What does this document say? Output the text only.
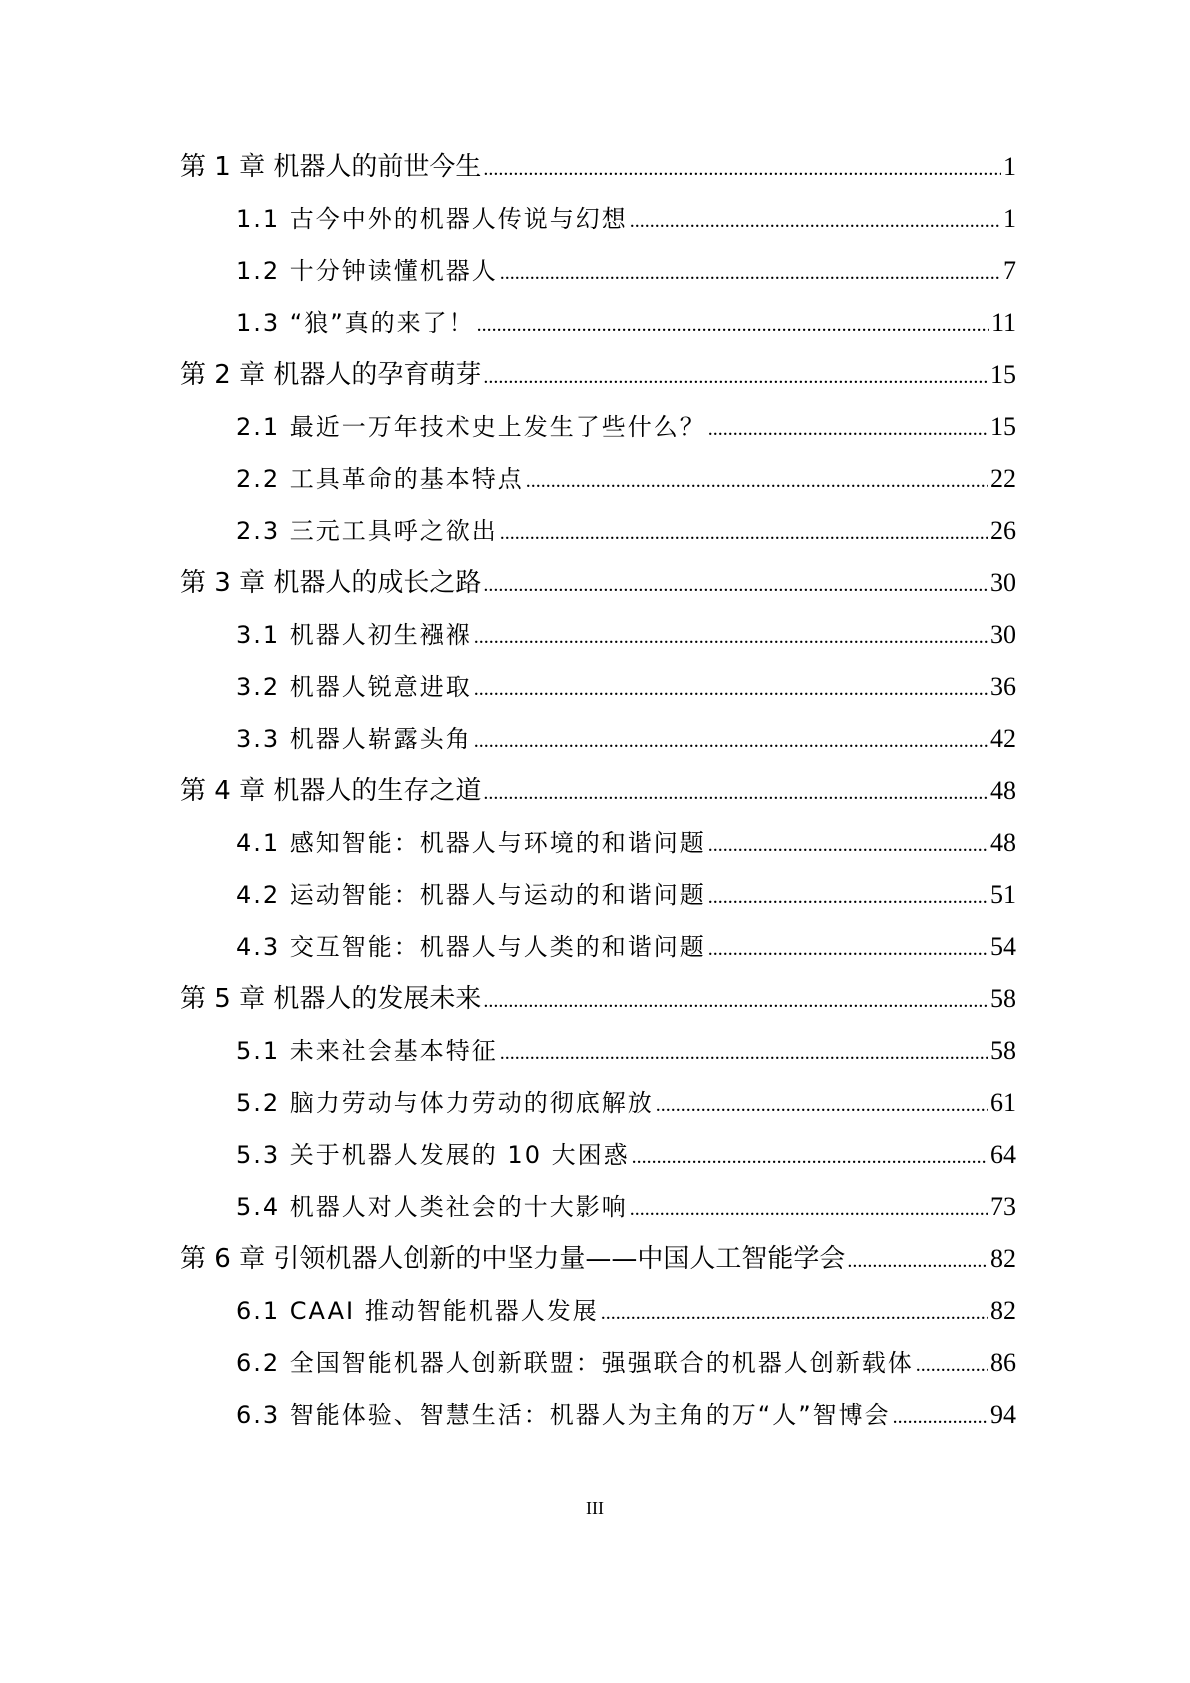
第 1 章 机器人的前世今生 .....	1
1.1 古今中外的机器人传说与幻想 .....	1
1.2 十分钟读懂机器人 .....	7
1.3 “狼”真的来了！ .....	11
第 2 章 机器人的孕育萌芽 .....	15
2.1 最近一万年技术史上发生了些什么？ .....	15
2.2 工具革命的基本特点 .....	22
2.3 三元工具呼之欲出 .....	26
第 3 章 机器人的成长之路 .....	30
3.1 机器人初生襁褓 .....	30
3.2 机器人锐意进取 .....	36
3.3 机器人崭露头角 .....	42
第 4 章 机器人的生存之道 .....	48
4.1 感知智能：机器人与环境的和谐问题 .....	48
4.2 运动智能：机器人与运动的和谐问题 .....	51
4.3 交互智能：机器人与人类的和谐问题 .....	54
第 5 章 机器人的发展未来 .....	58
5.1 未来社会基本特征 .....	58
5.2 脑力劳动与体力劳动的彻底解放 .....	61
5.3 关于机器人发展的 10 大困惑 .....	64
5.4 机器人对人类社会的十大影响 .....	73
第 6 章 引领机器人创新的中坚力量——中国人工智能学会 .....	82
6.1 CAAI 推动智能机器人发展 .....	82
6.2 全国智能机器人创新联盟：强强联合的机器人创新载体 .....	86
6.3 智能体验、智慧生活：机器人为主角的万“人”智博会 .....	94
III
